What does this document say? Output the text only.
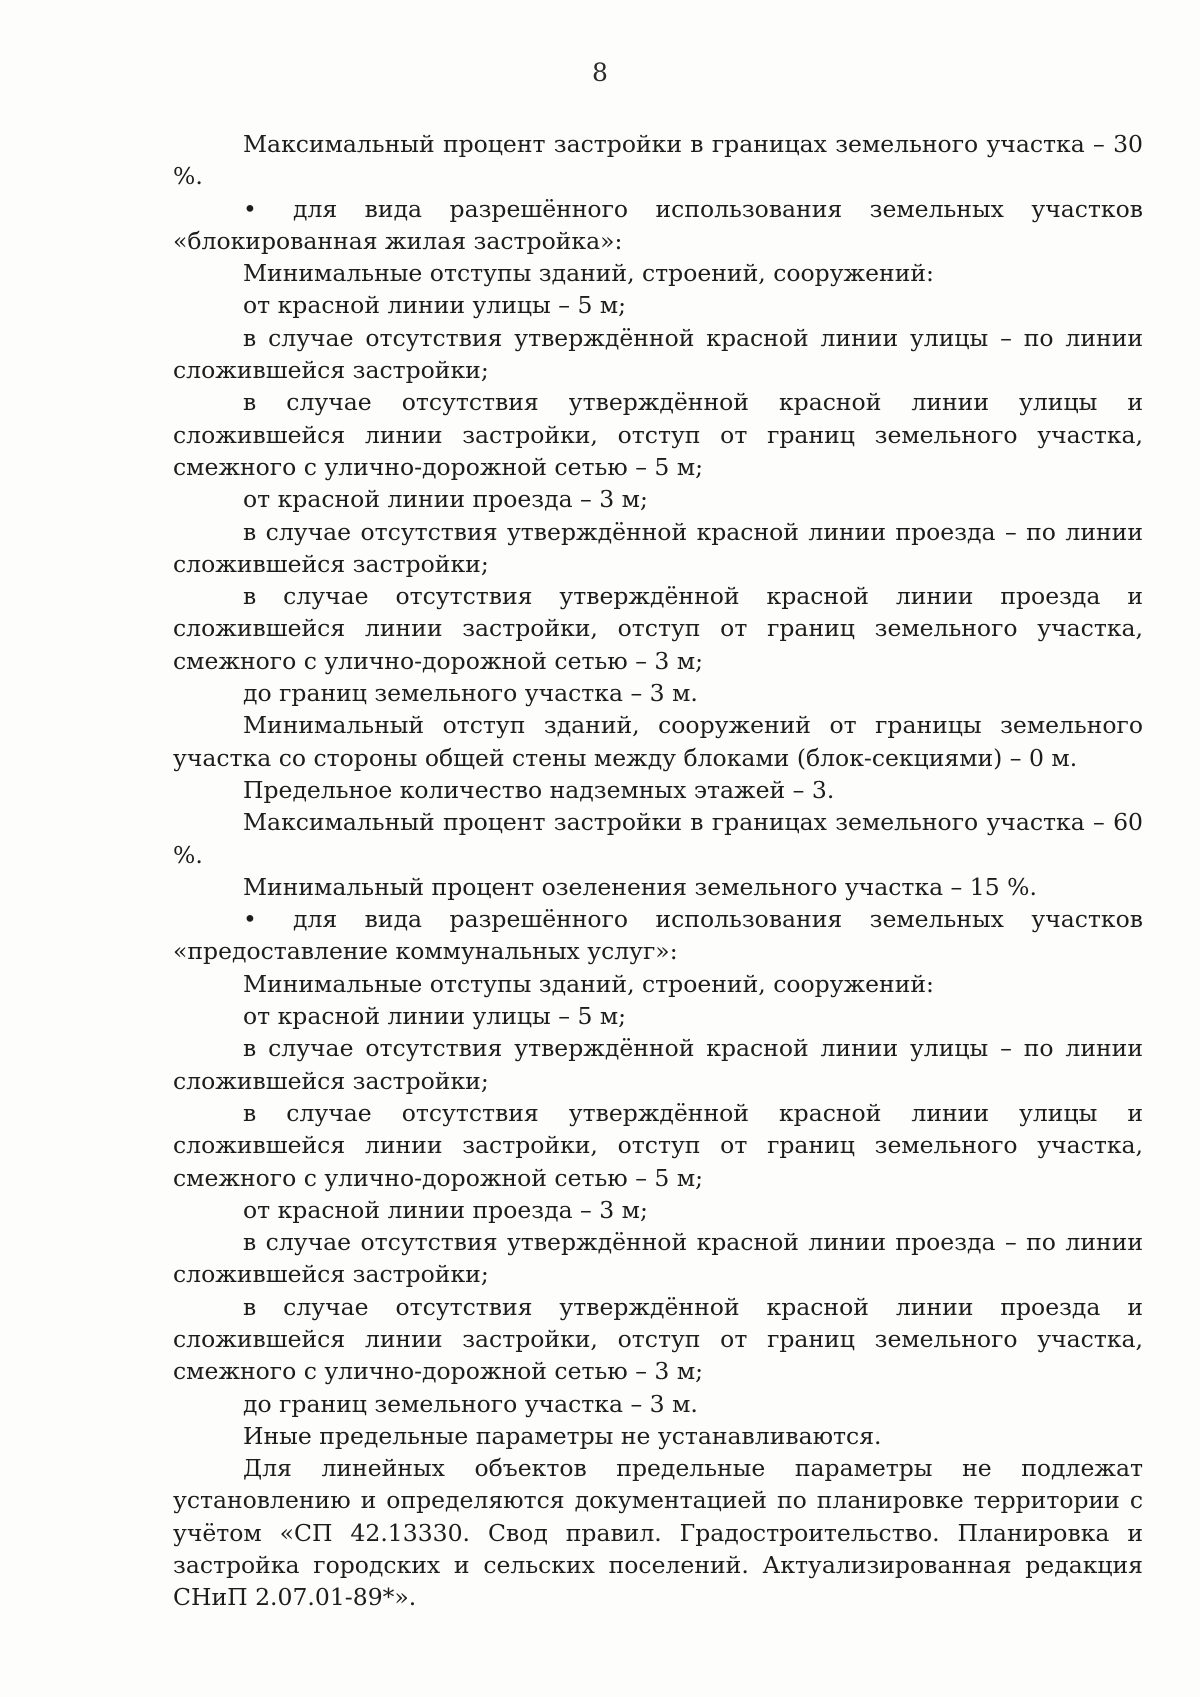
8

Максимальный процент застройки в границах земельного участка – 30 %.

• для вида разрешённого использования земельных участков «блокированная жилая застройка»:

Минимальные отступы зданий, строений, сооружений:

от красной линии улицы – 5 м;

в случае отсутствия утверждённой красной линии улицы – по линии сложившейся застройки;

в случае отсутствия утверждённой красной линии улицы и сложившейся линии застройки, отступ от границ земельного участка, смежного с улично-дорожной сетью – 5 м;

от красной линии проезда – 3 м;

в случае отсутствия утверждённой красной линии проезда – по линии сложившейся застройки;

в случае отсутствия утверждённой красной линии проезда и сложившейся линии застройки, отступ от границ земельного участка, смежного с улично-дорожной сетью – 3 м;

до границ земельного участка – 3 м.

Минимальный отступ зданий, сооружений от границы земельного участка со стороны общей стены между блоками (блок-секциями) – 0 м.

Предельное количество надземных этажей – 3.

Максимальный процент застройки в границах земельного участка – 60 %.

Минимальный процент озеленения земельного участка – 15 %.

• для вида разрешённого использования земельных участков «предоставление коммунальных услуг»:

Минимальные отступы зданий, строений, сооружений:

от красной линии улицы – 5 м;

в случае отсутствия утверждённой красной линии улицы – по линии сложившейся застройки;

в случае отсутствия утверждённой красной линии улицы и сложившейся линии застройки, отступ от границ земельного участка, смежного с улично-дорожной сетью – 5 м;

от красной линии проезда – 3 м;

в случае отсутствия утверждённой красной линии проезда – по линии сложившейся застройки;

в случае отсутствия утверждённой красной линии проезда и сложившейся линии застройки, отступ от границ земельного участка, смежного с улично-дорожной сетью – 3 м;

до границ земельного участка – 3 м.

Иные предельные параметры не устанавливаются.

Для линейных объектов предельные параметры не подлежат установлению и определяются документацией по планировке территории с учётом «СП 42.13330. Свод правил. Градостроительство. Планировка и застройка городских и сельских поселений. Актуализированная редакция СНиП 2.07.01-89*».
